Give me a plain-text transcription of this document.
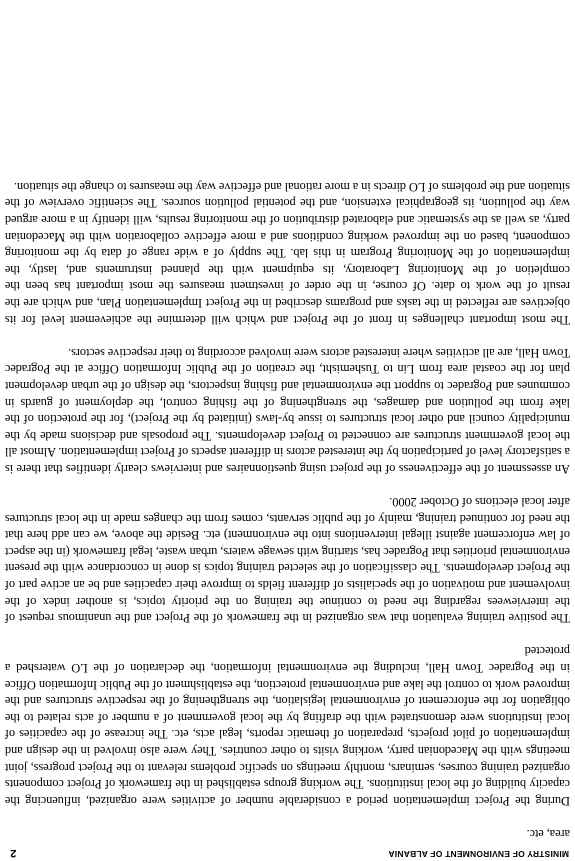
MINISTRY OF ENVIRONMENT OF ALBANIA
2

area, etc.

During the Project implementation period a considerable number of activities were organized, influencing the capacity building of the local institutions. The working groups established in the framework of Project components organized training courses, seminars, monthly meetings on specific problems relevant to the Project progress, joint meetings with the Macedonian party, working visits to other countries. They were also involved in the design and implementation of pilot projects, preparation of thematic reports, legal acts, etc. The increase of the capacities of local institutions were demonstrated with the drafting by the local government of a number of acts related to the obligation for the enforcement of environmental legislation, the strengthening of the respective structures and the improved work to control the lake and environmental protection, the establishment of the Public Information Office in the Pogradec Town Hall, including the environmental information, the declaration of the LO watershed a protected

The positive training evaluation that was organized in the framework of the Project and the unanimous request of the interviewees regarding the need to continue the training on the priority topics, is another index of the involvement and motivation of the specialists of different fields to improve their capacities and be an active part of the Project developments. The classification of the selected training topics is done in concordance with the present environmental priorities that Pogradec has, starting with sewage waters, urban waste, legal framework (in the aspect of law enforcement against illegal interventions into the environment) etc. Beside the above, we can add here that the need for continued training, mainly of the public servants, comes from the changes made in the local structures after local elections of October 2000.

An assessment of the effectiveness of the project using questionnaires and interviews clearly identifies that there is a satisfactory level of participation by the interested actors in different aspects of Project implementation. Almost all the local government structures are connected to Project developments. The proposals and decisions made by the municipality council and other local structures to issue by-laws (initiated by the Project), for the protection of the lake from the pollution and damages, the strengthening of the fishing control, the deployment of guards in communes and Pogradec to support the environmental and fishing inspectors, the design of the urban development plan for the coastal area from Lin to Tushemisht, the creation of the Public Information Office at the Pogradec Town Hall, are all activities where interested actors were involved according to their respective sectors.

The most important challenges in front of the Project and which will determine the achievement level for its objectives are reflected in the tasks and programs described in the Project Implementation Plan, and which are the result of the work to date. Of course, in the order of investment measures the most important has been the completion of the Monitoring Laboratory, its equipment with the planned instruments and, lastly, the implementation of the Monitoring Program in this lab. The supply of a wide range of data by the monitoring component, based on the improved working conditions and a more effective collaboration with the Macedonian party, as well as the systematic and elaborated distribution of the monitoring results, will identify in a more argued way the pollution, its geographical extension, and the potential pollution sources. The scientific overview of the situation and the problems of LO directs in a more rational and effective way the measures to change the situation.
